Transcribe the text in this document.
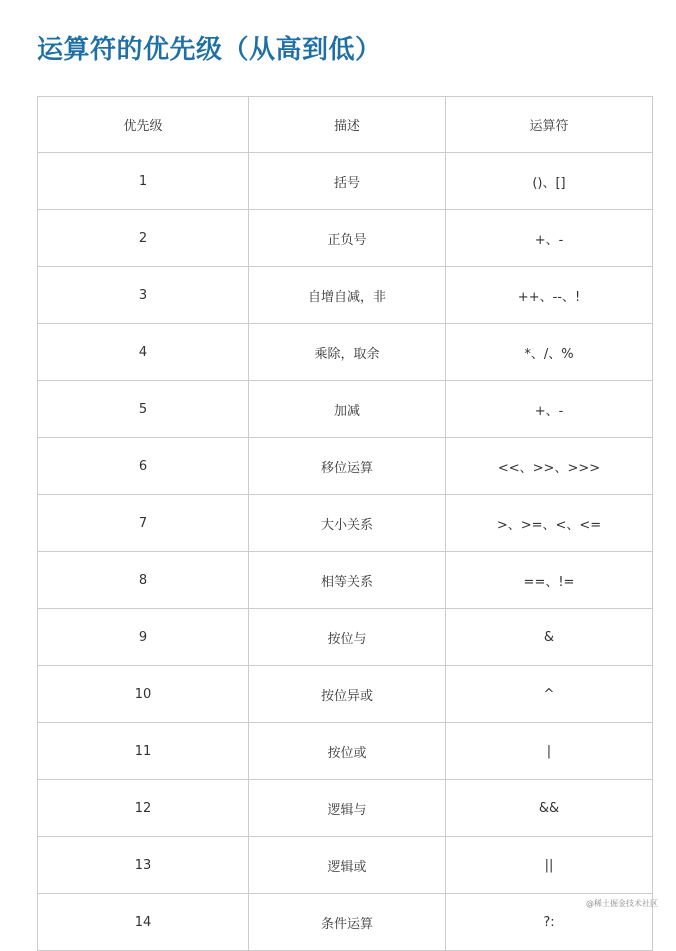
运算符的优先级（从高到低）
优先级	描述	运算符
1	括号	()、[]
2	正负号	+、-
3	自增自减，非	++、--、!
4	乘除，取余	*、/、%
5	加减	+、-
6	移位运算	<<、>>、>>>
7	大小关系	>、>=、<、<=
8	相等关系	==、!=
9	按位与	&
10	按位异或	^
11	按位或	|
12	逻辑与	&&
13	逻辑或	||
14	条件运算	?:
@稀土掘金技术社区
